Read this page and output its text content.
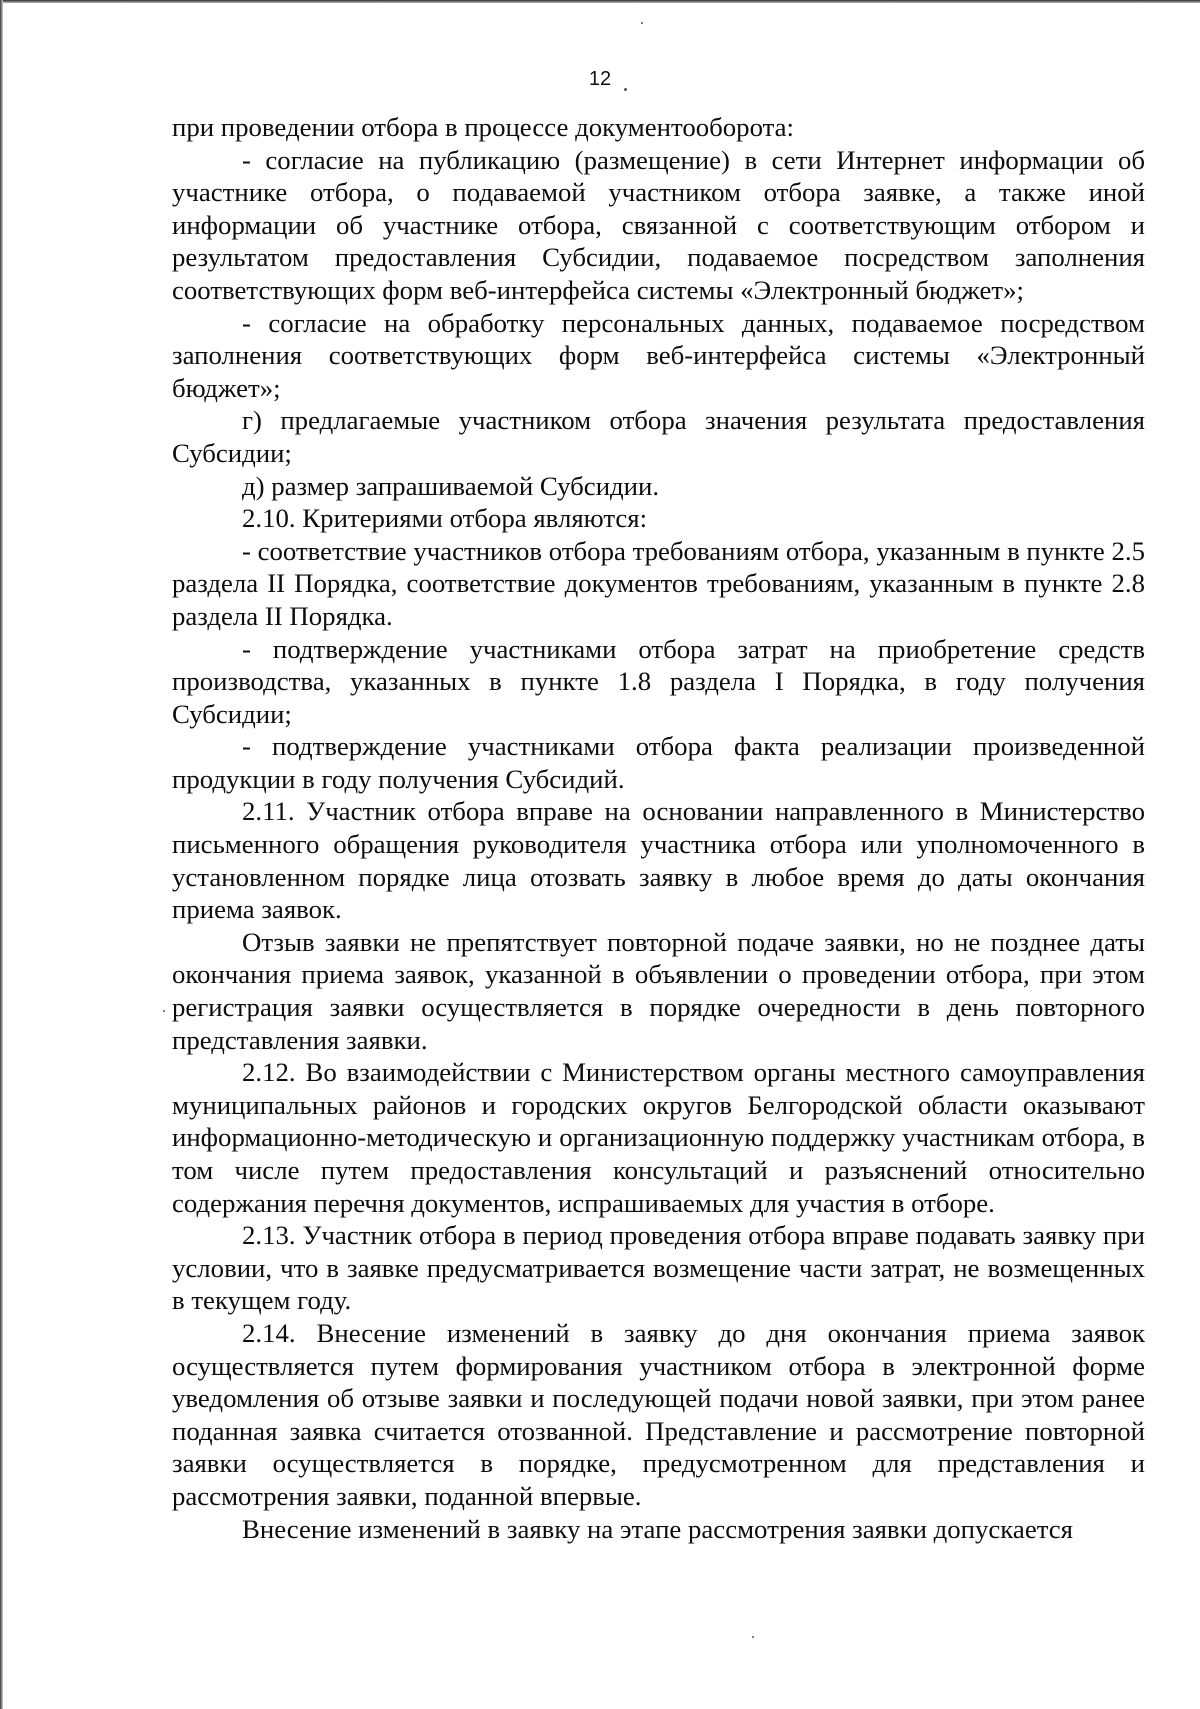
12

при проведении отбора в процессе документооборота:

- согласие на публикацию (размещение) в сети Интернет информации об участнике отбора, о подаваемой участником отбора заявке, а также иной информации об участнике отбора, связанной с соответствующим отбором и результатом предоставления Субсидии, подаваемое посредством заполнения соответствующих форм веб-интерфейса системы «Электронный бюджет»;

- согласие на обработку персональных данных, подаваемое посредством заполнения соответствующих форм веб-интерфейса системы «Электронный бюджет»;

г) предлагаемые участником отбора значения результата предоставления Субсидии;

д) размер запрашиваемой Субсидии.

2.10. Критериями отбора являются:

- соответствие участников отбора требованиям отбора, указанным в пункте 2.5 раздела II Порядка, соответствие документов требованиям, указанным в пункте 2.8 раздела II Порядка.

- подтверждение участниками отбора затрат на приобретение средств производства, указанных в пункте 1.8 раздела I Порядка, в году получения Субсидии;

- подтверждение участниками отбора факта реализации произведенной продукции в году получения Субсидий.

2.11. Участник отбора вправе на основании направленного в Министерство письменного обращения руководителя участника отбора или уполномоченного в установленном порядке лица отозвать заявку в любое время до даты окончания приема заявок.

Отзыв заявки не препятствует повторной подаче заявки, но не позднее даты окончания приема заявок, указанной в объявлении о проведении отбора, при этом регистрация заявки осуществляется в порядке очередности в день повторного представления заявки.

2.12. Во взаимодействии с Министерством органы местного самоуправления муниципальных районов и городских округов Белгородской области оказывают информационно-методическую и организационную поддержку участникам отбора, в том числе путем предоставления консультаций и разъяснений относительно содержания перечня документов, испрашиваемых для участия в отборе.

2.13. Участник отбора в период проведения отбора вправе подавать заявку при условии, что в заявке предусматривается возмещение части затрат, не возмещенных в текущем году.

2.14. Внесение изменений в заявку до дня окончания приема заявок осуществляется путем формирования участником отбора в электронной форме уведомления об отзыве заявки и последующей подачи новой заявки, при этом ранее поданная заявка считается отозванной. Представление и рассмотрение повторной заявки осуществляется в порядке, предусмотренном для представления и рассмотрения заявки, поданной впервые.

Внесение изменений в заявку на этапе рассмотрения заявки допускается
